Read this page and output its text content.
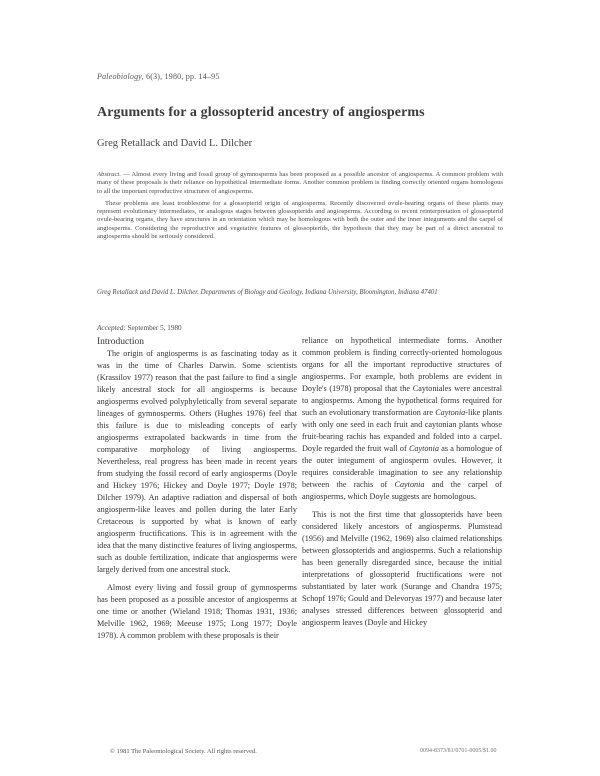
Paleobiology, 6(3), 1980, pp. 14–95
Arguments for a glossopterid ancestry of angiosperms
Greg Retallack and David L. Dilcher

Abstract. — Almost every living and fossil group of gymnosperms has been proposed as a possible ancestor of angiosperms. A common problem with many of these proposals is their reliance on hypothetical intermediate forms. Another common problem is finding correctly oriented organs homologous to all the important reproductive structures of angiosperms.

These problems are least troublesome for a glossopterid origin of angiosperms. Recently discovered ovule-bearing organs of these plants may represent evolutionary intermediates, or analogous stages between glossopterids and angiosperms. According to recent reinterpretation of glossopterid ovule-bearing organs, they have structures in an orientation which may be homologous with both the outer and the inner integuments and the carpel of angiosperms. Considering the reproductive and vegetative features of glossopterids, the hypothesis that they may be part of a direct ancestral to angiosperms should be seriously considered.

Greg Retallack and David L. Dilcher. Departments of Biology and Geology, Indiana University, Bloomington, Indiana 47401
Accepted: September 5, 1980

Introduction

The origin of angiosperms is as fascinating today as it was in the time of Charles Darwin. Some scientists (Krassilov 1977) reason that the past failure to find a single likely ancestral stock for all angiosperms is because angiosperms evolved polyphyletically from several separate lineages of gymnosperms. Others (Hughes 1976) feel that this failure is due to misleading concepts of early angiosperms extrapolated backwards in time from the comparative morphology of living angiosperms. Nevertheless, real progress has been made in recent years from studying the fossil record of early angiosperms (Doyle and Hickey 1976; Hickey and Doyle 1977; Doyle 1978; Dilcher 1979). An adaptive radiation and dispersal of both angiosperm-like leaves and pollen during the later Early Cretaceous is supported by what is known of early angiosperm fructifications. This is in agreement with the idea that the many distinctive features of living angiosperms, such as double fertilization, indicate that angiosperms were largely derived from one ancestral stock.

Almost every living and fossil group of gymnosperms has been proposed as a possible ancestor of angiosperms at one time or another (Wieland 1918; Thomas 1931, 1936; Melville 1962, 1969; Meeuse 1975; Long 1977; Doyle 1978). A common problem with these proposals is their

reliance on hypothetical intermediate forms. Another common problem is finding correctly-oriented homologous organs for all the important reproductive structures of angiosperms. For example, both problems are evident in Doyle's (1978) proposal that the Caytoniales were ancestral to angiosperms. Among the hypothetical forms required for such an evolutionary transformation are Caytonia-like plants with only one seed in each fruit and caytonian plants whose fruit-bearing rachis has expanded and folded into a carpel. Doyle regarded the fruit wall of Caytonia as a homologue of the outer integument of angiosperm ovules. However, it requires considerable imagination to see any relationship between the rachis of Caytonia and the carpel of angiosperms, which Doyle suggests are homologous.

This is not the first time that glossopterids have been considered likely ancestors of angiosperms. Plumstead (1956) and Melville (1962, 1969) also claimed relationships between glossopterids and angiosperms. Such a relationship has been generally disregarded since, because the initial interpretations of glossopterid fructifications were not substantiated by later work (Surange and Chandra 1975; Schopf 1976; Gould and Delevoryas 1977) and because later analyses stressed differences between glossopterid and angiosperm leaves (Doyle and Hickey

© 1981 The Paleontological Society. All rights reserved.	0094-8373/81/0701-0005/$1.00
